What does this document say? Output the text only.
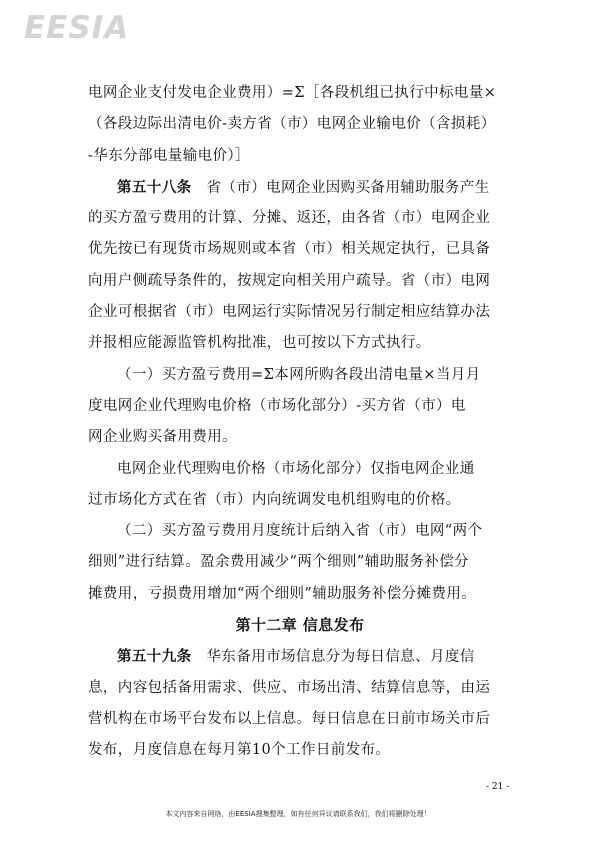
EESIA
电网企业支付发电企业费用）=Σ［各段机组已执行中标电量×
（各段边际出清电价-卖方省（市）电网企业输电价（含损耗）
-华东分部电量输电价）］
第五十八条 省（市）电网企业因购买备用辅助服务产生
的买方盈亏费用的计算、分摊、返还，由各省（市）电网企业
优先按已有现货市场规则或本省（市）相关规定执行，已具备
向用户侧疏导条件的，按规定向相关用户疏导。省（市）电网
企业可根据省（市）电网运行实际情况另行制定相应结算办法
并报相应能源监管机构批准，也可按以下方式执行。
（一）买方盈亏费用=Σ本网所购各段出清电量×当月月
度电网企业代理购电价格（市场化部分）-买方省（市）电
网企业购买备用费用。
电网企业代理购电价格（市场化部分）仅指电网企业通
过市场化方式在省（市）内向统调发电机组购电的价格。
（二）买方盈亏费用月度统计后纳入省（市）电网“两个
细则”进行结算。盈余费用减少“两个细则”辅助服务补偿分
摊费用，亏损费用增加“两个细则”辅助服务补偿分摊费用。
第十二章 信息发布
第五十九条 华东备用市场信息分为每日信息、月度信
息，内容包括备用需求、供应、市场出清、结算信息等，由运
营机构在市场平台发布以上信息。每日信息在日前市场关市后
发布，月度信息在每月第10个工作日前发布。
- 21 -
本文内容来自网络，由EESIA搜集整理，如有任何异议请联系我们，我们将删除处理！
